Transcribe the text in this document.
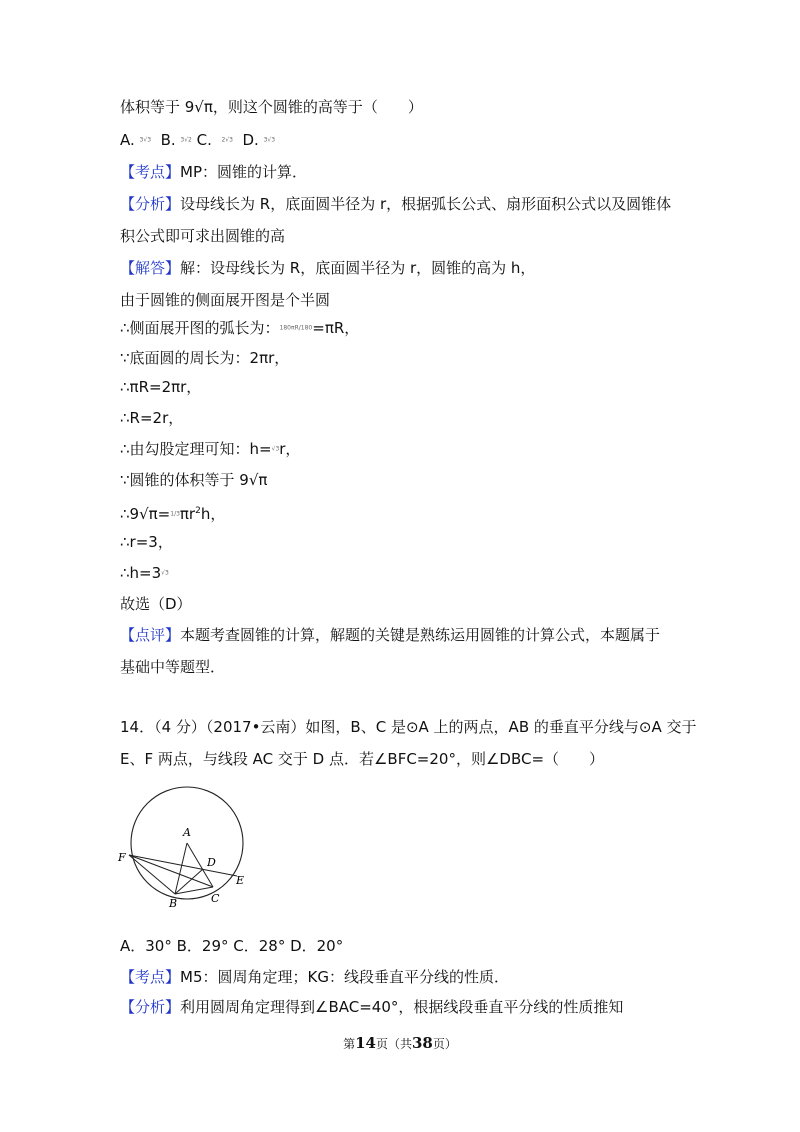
体积等于 9√π，则这个圆锥的高等于（　　）
A. 3√3 B. 3√2 C. 2√3 D. 3√3
【考点】MP：圆锥的计算．
【分析】设母线长为 R，底面圆半径为 r，根据弧长公式、扇形面积公式以及圆锥体
积公式即可求出圆锥的高
【解答】解：设母线长为 R，底面圆半径为 r，圆锥的高为 h，
由于圆锥的侧面展开图是个半圆
∴侧面展开图的弧长为：180πR/180=πR，
∵底面圆的周长为：2πr，
∴πR=2πr，
∴R=2r，
∴由勾股定理可知：h=√3r，
∵圆锥的体积等于 9√π
$\therefore 9√\pi=1/3\pi r^2h$，
∴r=3，
∴h=3√3
故选（D）
【点评】本题考查圆锥的计算，解题的关键是熟练运用圆锥的计算公式，本题属于
基础中等题型．
14．（4 分）（2017•云南）如图，B、C 是⊙A 上的两点，AB 的垂直平分线与⊙A 交于
E、F 两点，与线段 AC 交于 D 点．若∠BFC=20°，则∠DBC=（　　）
A
B	C
D
E
F
A．30° B．29° C．28° D．20°
【考点】M5：圆周角定理；KG：线段垂直平分线的性质．
【分析】利用圆周角定理得到∠BAC=40°，根据线段垂直平分线的性质推知
第14页（共38页）
